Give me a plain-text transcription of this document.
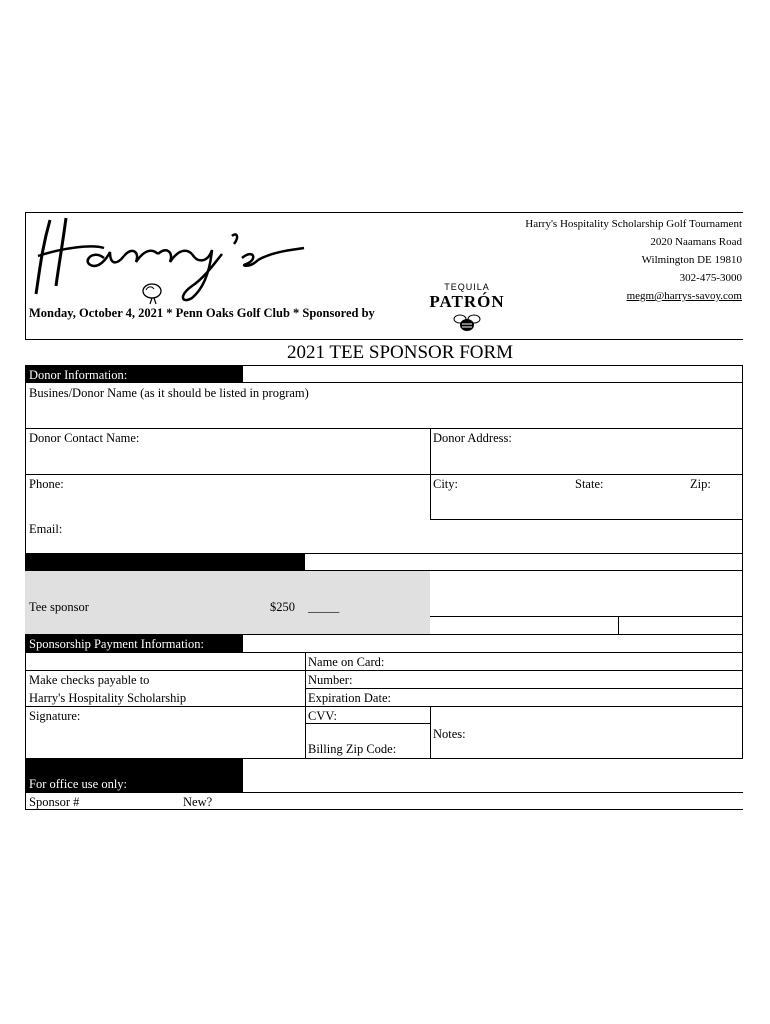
Monday, October 4, 2021 * Penn Oaks Golf Club * Sponsored by
TEQUILA
PATRÓN
Harry's Hospitality Scholarship Golf Tournament
2020 Naamans Road
Wilmington DE 19810
302-475-3000
megm@harrys-savoy.com
2021 TEE SPONSOR FORM
Donor Information:
Busines/Donor Name (as it should be listed in program)
Donor Contact Name:	Donor Address:
Phone:	City:	State:	Zip:
Email:
Tee sponsor	$250 _____
Sponsorship Payment Information:
Name on Card:
Make checks payable to	Number:
Harry's Hospitality Scholarship	Expiration Date:
Signature:	CVV:
Notes:
Billing Zip Code:
For office use only:
Sponsor #	New?
